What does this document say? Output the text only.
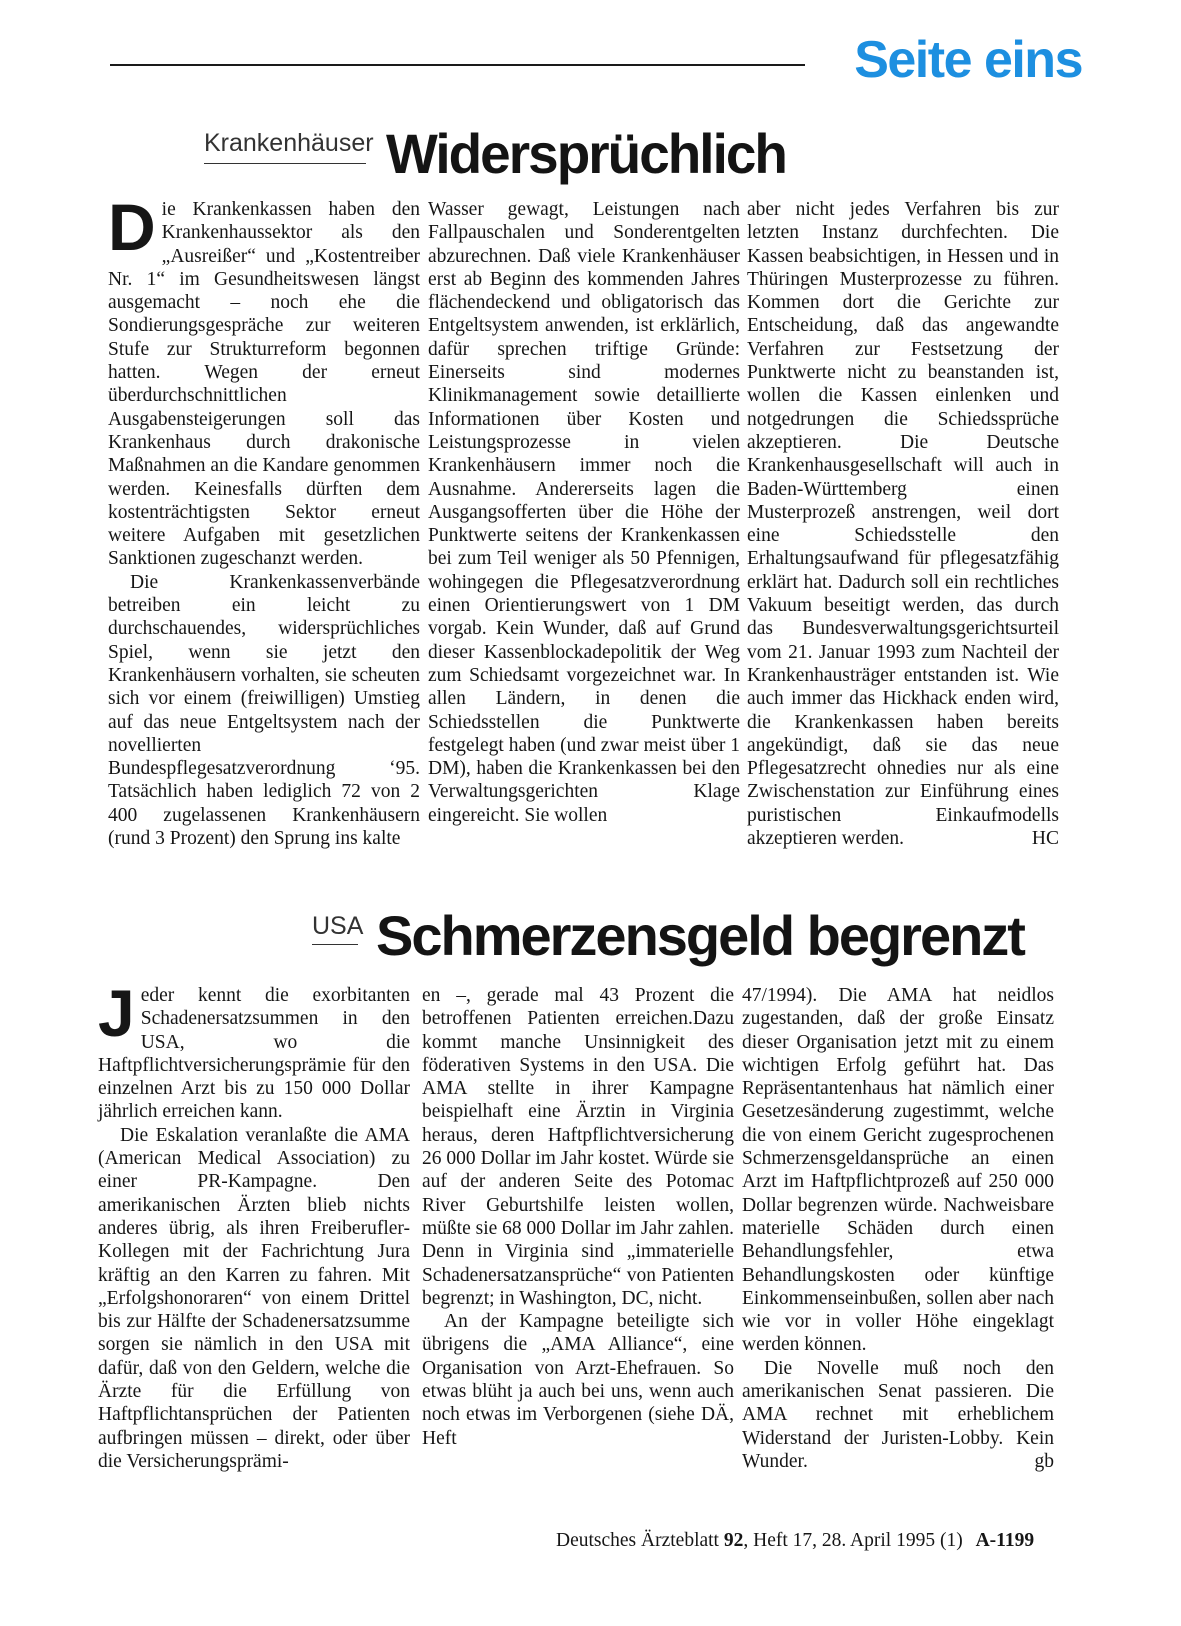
Seite eins
Krankenhäuser Widersprüchlich
D ie Krankenkassen haben den Krankenhaussektor als den „Ausreißer“ und „Kostentreiber Nr. 1“ im Gesundheitswesen längst ausgemacht – noch ehe die Sondierungsgespräche zur weiteren Stufe zur Strukturreform begonnen hatten. Wegen der erneut überdurchschnittlichen Ausgabensteigerungen soll das Krankenhaus durch drakonische Maßnahmen an die Kandare genommen werden. Keinesfalls dürften dem kostenträchtigsten Sektor erneut weitere Aufgaben mit gesetzlichen Sanktionen zugeschanzt werden.

Die Krankenkassenverbände betreiben ein leicht zu durchschauendes, widersprüchliches Spiel, wenn sie jetzt den Krankenhäusern vorhalten, sie scheuten sich vor einem (freiwilligen) Umstieg auf das neue Entgeltsystem nach der novellierten Bundespflegesatzverordnung ‘95. Tatsächlich haben lediglich 72 von 2 400 zugelassenen Krankenhäusern (rund 3 Prozent) den Sprung ins kalte

Wasser gewagt, Leistungen nach Fallpauschalen und Sonderentgelten abzurechnen. Daß viele Krankenhäuser erst ab Beginn des kommenden Jahres flächendeckend und obligatorisch das Entgeltsystem anwenden, ist erklärlich, dafür sprechen triftige Gründe: Einerseits sind modernes Klinikmanagement sowie detaillierte Informationen über Kosten und Leistungsprozesse in vielen Krankenhäusern immer noch die Ausnahme. Andererseits lagen die Ausgangsofferten über die Höhe der Punktwerte seitens der Krankenkassen bei zum Teil weniger als 50 Pfennigen, wohingegen die Pflegesatzverordnung einen Orientierungswert von 1 DM vorgab. Kein Wunder, daß auf Grund dieser Kassenblockadepolitik der Weg zum Schiedsamt vorgezeichnet war. In allen Ländern, in denen die Schiedsstellen die Punktwerte festgelegt haben (und zwar meist über 1 DM), haben die Krankenkassen bei den Verwaltungsgerichten Klage eingereicht. Sie wollen

aber nicht jedes Verfahren bis zur letzten Instanz durchfechten. Die Kassen beabsichtigen, in Hessen und in Thüringen Musterprozesse zu führen. Kommen dort die Gerichte zur Entscheidung, daß das angewandte Verfahren zur Festsetzung der Punktwerte nicht zu beanstanden ist, wollen die Kassen einlenken und notgedrungen die Schiedssprüche akzeptieren. Die Deutsche Krankenhausgesellschaft will auch in Baden-Württemberg einen Musterprozeß anstrengen, weil dort eine Schiedsstelle den Erhaltungsaufwand für pflegesatzfähig erklärt hat. Dadurch soll ein rechtliches Vakuum beseitigt werden, das durch das Bundesverwaltungsgerichtsurteil vom 21. Januar 1993 zum Nachteil der Krankenhausträger entstanden ist. Wie auch immer das Hickhack enden wird, die Krankenkassen haben bereits angekündigt, daß sie das neue Pflegesatzrecht ohnedies nur als eine Zwischenstation zur Einführung eines puristischen Einkaufmodells akzeptieren werden.	HC

USA Schmerzensgeld begrenzt
J eder kennt die exorbitanten Schadenersatzsummen in den USA, wo die Haftpflichtversicherungsprämie für den einzelnen Arzt bis zu 150 000 Dollar jährlich erreichen kann.

Die Eskalation veranlaßte die AMA (American Medical Association) zu einer PR-Kampagne. Den amerikanischen Ärzten blieb nichts anderes übrig, als ihren Freiberufler-Kollegen mit der Fachrichtung Jura kräftig an den Karren zu fahren. Mit „Erfolgshonoraren“ von einem Drittel bis zur Hälfte der Schadenersatzsumme sorgen sie nämlich in den USA mit dafür, daß von den Geldern, welche die Ärzte für die Erfüllung von Haftpflichtansprüchen der Patienten aufbringen müssen – direkt, oder über die Versicherungsprämi-

en –, gerade mal 43 Prozent die betroffenen Patienten erreichen.Dazu kommt manche Unsinnigkeit des föderativen Systems in den USA. Die AMA stellte in ihrer Kampagne beispielhaft eine Ärztin in Virginia heraus, deren Haftpflichtversicherung 26 000 Dollar im Jahr kostet. Würde sie auf der anderen Seite des Potomac River Geburtshilfe leisten wollen, müßte sie 68 000 Dollar im Jahr zahlen. Denn in Virginia sind „immaterielle Schadenersatzansprüche“ von Patienten begrenzt; in Washington, DC, nicht.

An der Kampagne beteiligte sich übrigens die „AMA Alliance“, eine Organisation von Arzt-Ehefrauen. So etwas blüht ja auch bei uns, wenn auch noch etwas im Verborgenen (siehe DÄ, Heft

47/1994). Die AMA hat neidlos zugestanden, daß der große Einsatz dieser Organisation jetzt mit zu einem wichtigen Erfolg geführt hat. Das Repräsentantenhaus hat nämlich einer Gesetzesänderung zugestimmt, welche die von einem Gericht zugesprochenen Schmerzensgeldansprüche an einen Arzt im Haftpflichtprozeß auf 250 000 Dollar begrenzen würde. Nachweisbare materielle Schäden durch einen Behandlungsfehler, etwa Behandlungskosten oder künftige Einkommenseinbußen, sollen aber nach wie vor in voller Höhe eingeklagt werden können.

Die Novelle muß noch den amerikanischen Senat passieren. Die AMA rechnet mit erheblichem Widerstand der Juristen-Lobby. Kein Wunder.	gb

Deutsches Ärzteblatt 92, Heft 17, 28. April 1995 (1) A-1199
